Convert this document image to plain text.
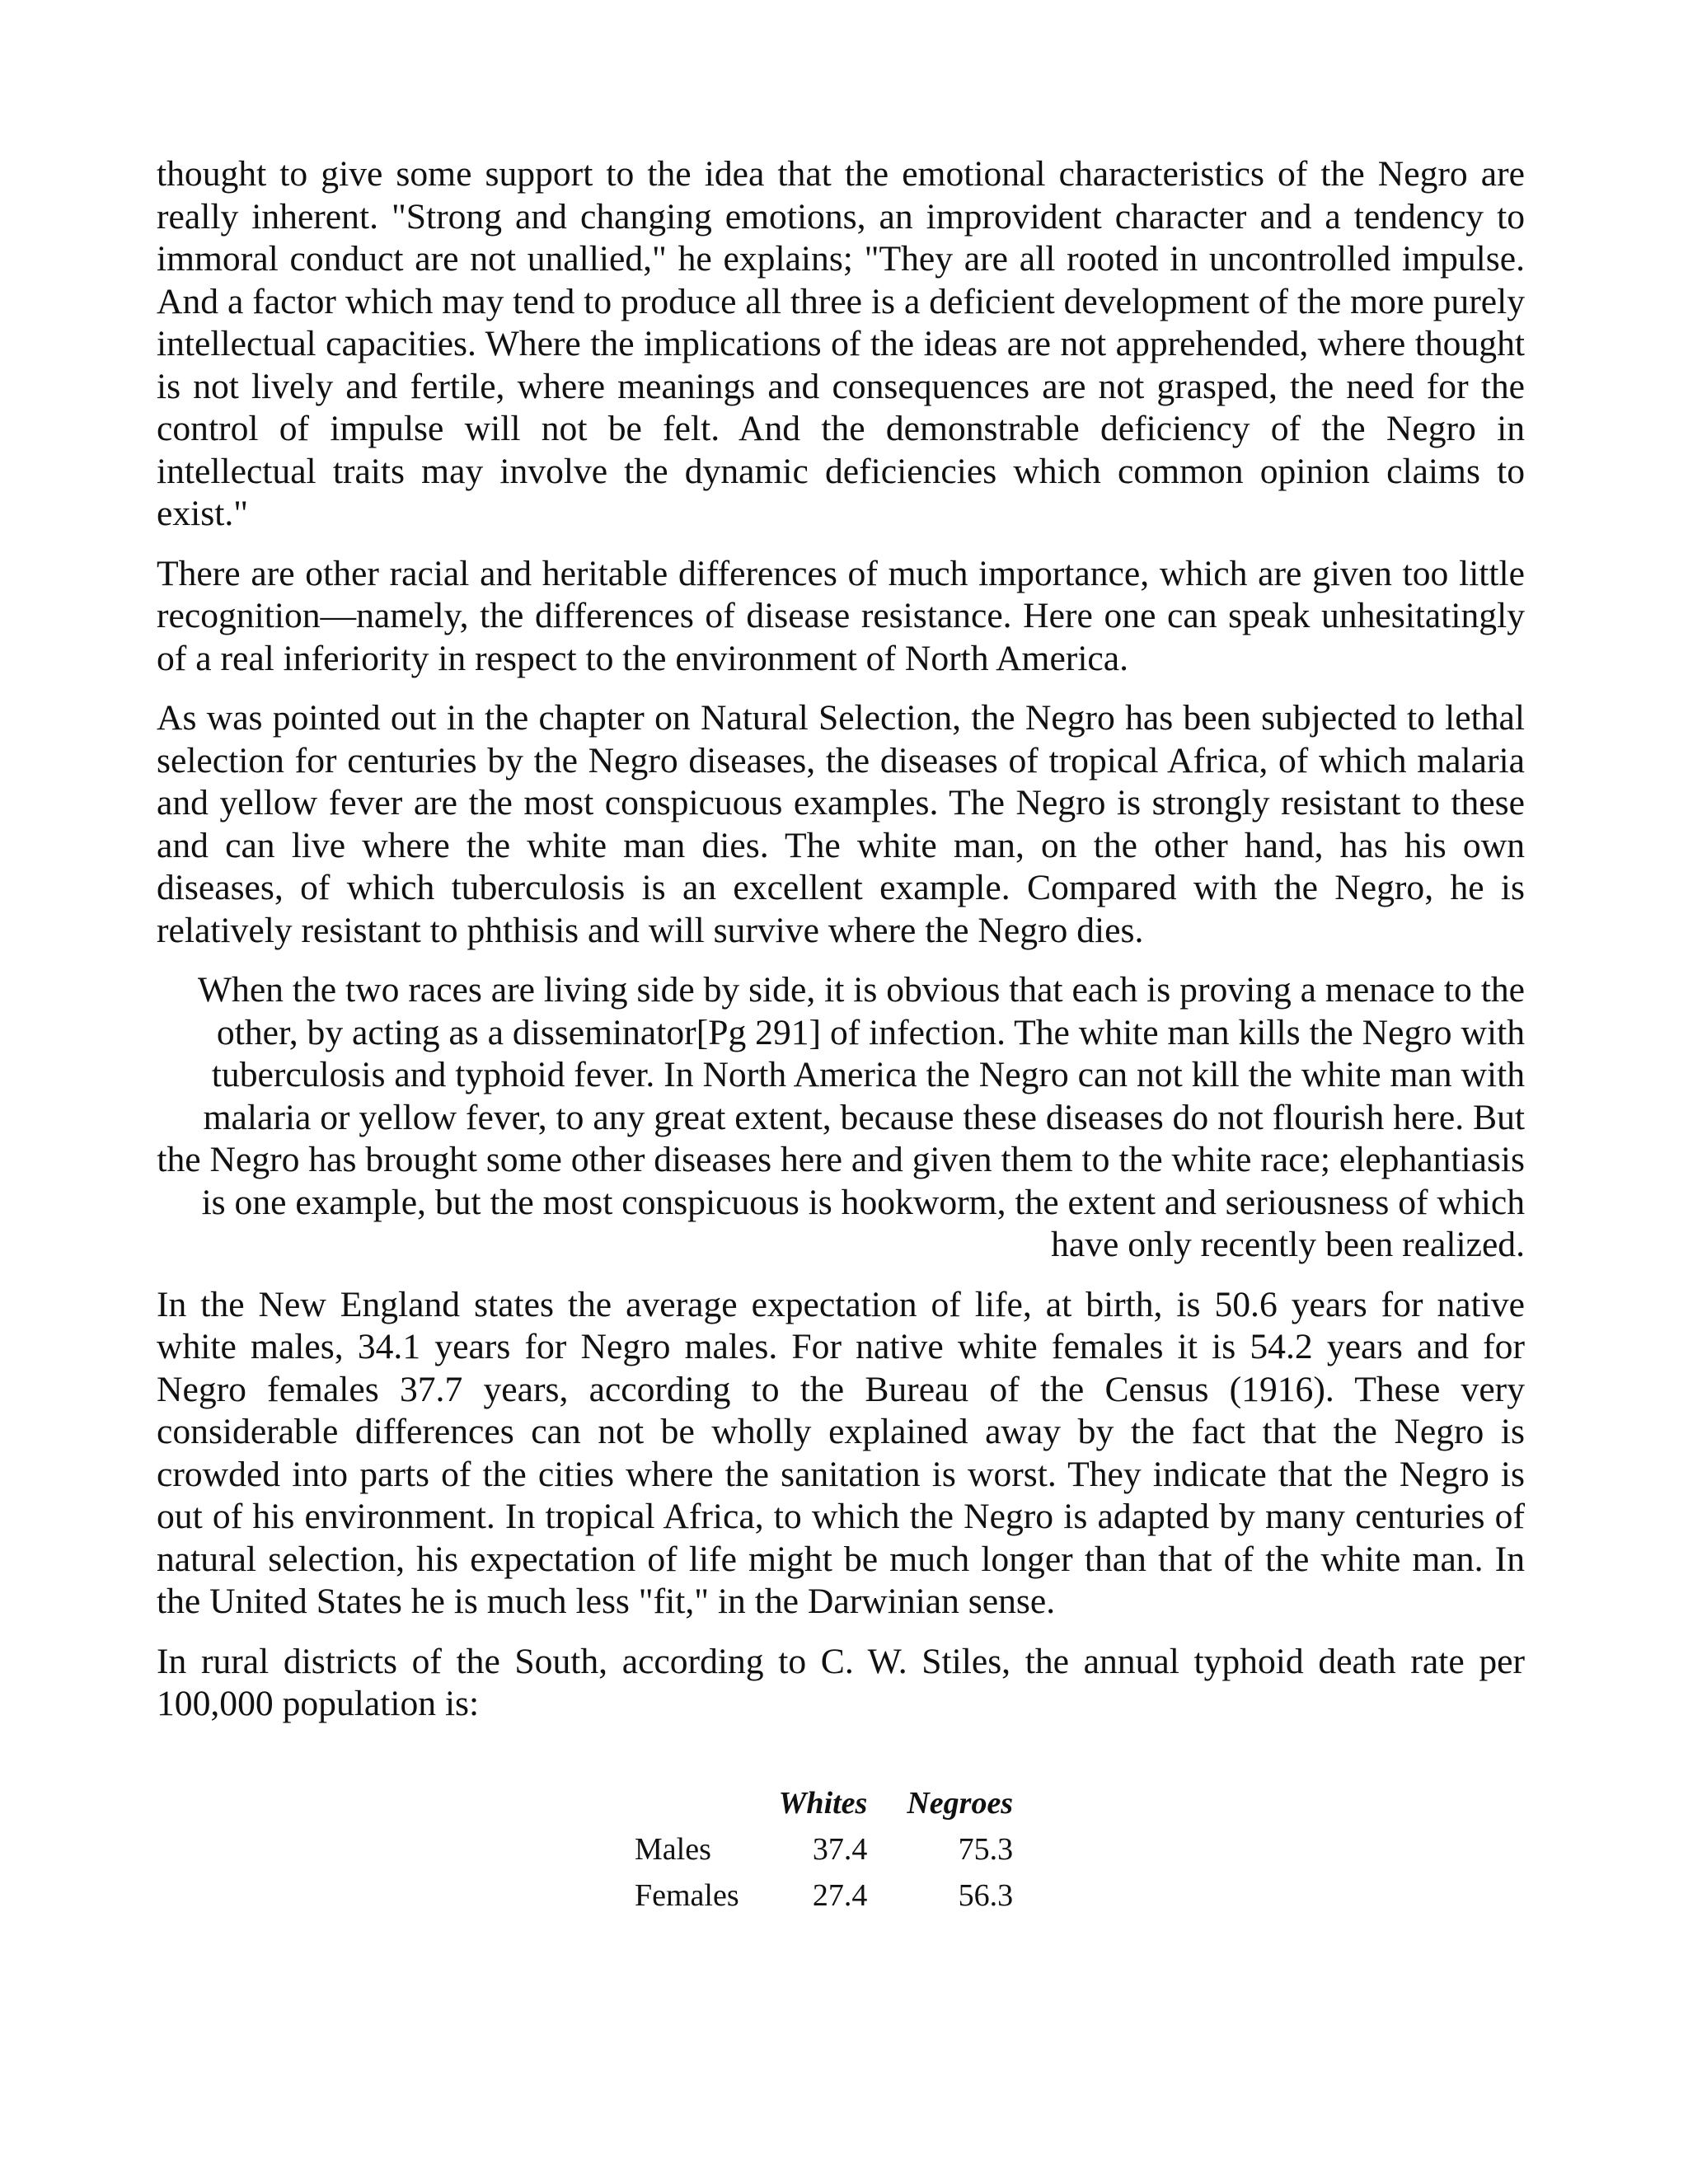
thought to give some support to the idea that the emotional characteristics of the Negro are really inherent. "Strong and changing emotions, an improvident character and a tendency to immoral conduct are not unallied," he explains; "They are all rooted in uncontrolled impulse. And a factor which may tend to produce all three is a deficient development of the more purely intellectual capacities. Where the implications of the ideas are not apprehended, where thought is not lively and fertile, where meanings and consequences are not grasped, the need for the control of impulse will not be felt. And the demonstrable deficiency of the Negro in intellectual traits may involve the dynamic deficiencies which common opinion claims to exist."

There are other racial and heritable differences of much importance, which are given too little recognition—namely, the differences of disease resistance. Here one can speak unhesitatingly of a real inferiority in respect to the environment of North America.

As was pointed out in the chapter on Natural Selection, the Negro has been subjected to lethal selection for centuries by the Negro diseases, the diseases of tropical Africa, of which malaria and yellow fever are the most conspicuous examples. The Negro is strongly resistant to these and can live where the white man dies. The white man, on the other hand, has his own diseases, of which tuberculosis is an excellent example. Compared with the Negro, he is relatively resistant to phthisis and will survive where the Negro dies.

When the two races are living side by side, it is obvious that each is proving a menace to the other, by acting as a disseminator[Pg 291] of infection. The white man kills the Negro with tuberculosis and typhoid fever. In North America the Negro can not kill the white man with malaria or yellow fever, to any great extent, because these diseases do not flourish here. But the Negro has brought some other diseases here and given them to the white race; elephantiasis is one example, but the most conspicuous is hookworm, the extent and seriousness of which have only recently been realized.

In the New England states the average expectation of life, at birth, is 50.6 years for native white males, 34.1 years for Negro males. For native white females it is 54.2 years and for Negro females 37.7 years, according to the Bureau of the Census (1916). These very considerable differences can not be wholly explained away by the fact that the Negro is crowded into parts of the cities where the sanitation is worst. They indicate that the Negro is out of his environment. In tropical Africa, to which the Negro is adapted by many centuries of natural selection, his expectation of life might be much longer than that of the white man. In the United States he is much less "fit," in the Darwinian sense.

In rural districts of the South, according to C. W. Stiles, the annual typhoid death rate per 100,000 population is:

	Whites	Negroes
Males	37.4	75.3
Females	27.4	56.3
